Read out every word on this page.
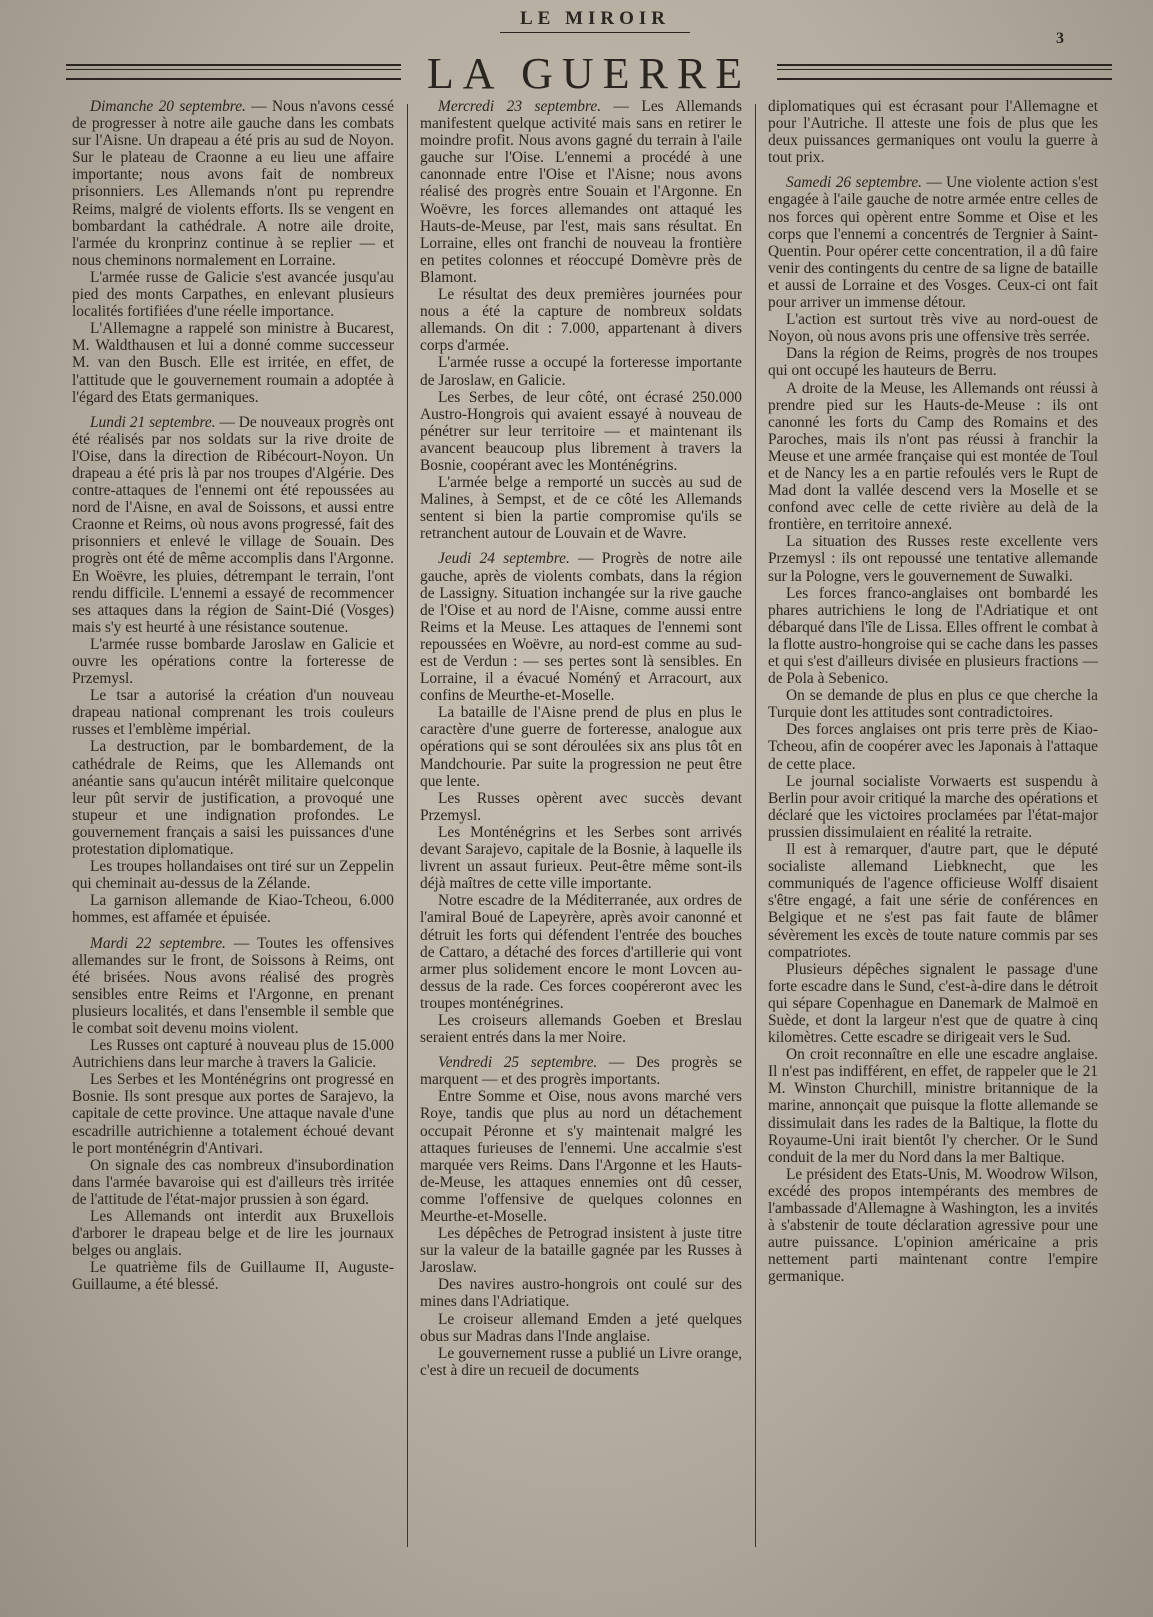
LE MIROIR
3
LA GUERRE

Dimanche 20 septembre. — Nous n'avons cessé de progresser à notre aile gauche dans les combats sur l'Aisne. Un drapeau a été pris au sud de Noyon. Sur le plateau de Craonne a eu lieu une affaire importante; nous avons fait de nombreux prisonniers. Les Allemands n'ont pu reprendre Reims, malgré de violents efforts. Ils se vengent en bombardant la cathédrale. A notre aile droite, l'armée du kronprinz continue à se replier — et nous cheminons normalement en Lorraine.

L'armée russe de Galicie s'est avancée jusqu'au pied des monts Carpathes, en enlevant plusieurs localités fortifiées d'une réelle importance.

L'Allemagne a rappelé son ministre à Bucarest, M. Waldthausen et lui a donné comme successeur M. van den Busch. Elle est irritée, en effet, de l'attitude que le gouvernement roumain a adoptée à l'égard des Etats germaniques.

Lundi 21 septembre. — De nouveaux progrès ont été réalisés par nos soldats sur la rive droite de l'Oise, dans la direction de Ribécourt-Noyon. Un drapeau a été pris là par nos troupes d'Algérie. Des contre-attaques de l'ennemi ont été repoussées au nord de l'Aisne, en aval de Soissons, et aussi entre Craonne et Reims, où nous avons progressé, fait des prisonniers et enlevé le village de Souain. Des progrès ont été de même accomplis dans l'Argonne. En Woëvre, les pluies, détrempant le terrain, l'ont rendu difficile. L'ennemi a essayé de recommencer ses attaques dans la région de Saint-Dié (Vosges) mais s'y est heurté à une résistance soutenue.

L'armée russe bombarde Jaroslaw en Galicie et ouvre les opérations contre la forteresse de Przemysl.

Le tsar a autorisé la création d'un nouveau drapeau national comprenant les trois couleurs russes et l'emblème impérial.

La destruction, par le bombardement, de la cathédrale de Reims, que les Allemands ont anéantie sans qu'aucun intérêt militaire quelconque leur pût servir de justification, a provoqué une stupeur et une indignation profondes. Le gouvernement français a saisi les puissances d'une protestation diplomatique.

Les troupes hollandaises ont tiré sur un Zeppelin qui cheminait au-dessus de la Zélande.

La garnison allemande de Kiao-Tcheou, 6.000 hommes, est affamée et épuisée.

Mardi 22 septembre. — Toutes les offensives allemandes sur le front, de Soissons à Reims, ont été brisées. Nous avons réalisé des progrès sensibles entre Reims et l'Argonne, en prenant plusieurs localités, et dans l'ensemble il semble que le combat soit devenu moins violent.

Les Russes ont capturé à nouveau plus de 15.000 Autrichiens dans leur marche à travers la Galicie.

Les Serbes et les Monténégrins ont progressé en Bosnie. Ils sont presque aux portes de Sarajevo, la capitale de cette province. Une attaque navale d'une escadrille autrichienne a totalement échoué devant le port monténégrin d'Antivari.

On signale des cas nombreux d'insubordination dans l'armée bavaroise qui est d'ailleurs très irritée de l'attitude de l'état-major prussien à son égard.

Les Allemands ont interdit aux Bruxellois d'arborer le drapeau belge et de lire les journaux belges ou anglais.

Le quatrième fils de Guillaume II, Auguste-Guillaume, a été blessé.

Mercredi 23 septembre. — Les Allemands manifestent quelque activité mais sans en retirer le moindre profit. Nous avons gagné du terrain à l'aile gauche sur l'Oise. L'ennemi a procédé à une canonnade entre l'Oise et l'Aisne; nous avons réalisé des progrès entre Souain et l'Argonne. En Woëvre, les forces allemandes ont attaqué les Hauts-de-Meuse, par l'est, mais sans résultat. En Lorraine, elles ont franchi de nouveau la frontière en petites colonnes et réoccupé Domèvre près de Blamont.

Le résultat des deux premières journées pour nous a été la capture de nombreux soldats allemands. On dit : 7.000, appartenant à divers corps d'armée.

L'armée russe a occupé la forteresse importante de Jaroslaw, en Galicie.

Les Serbes, de leur côté, ont écrasé 250.000 Austro-Hongrois qui avaient essayé à nouveau de pénétrer sur leur territoire — et maintenant ils avancent beaucoup plus librement à travers la Bosnie, coopérant avec les Monténégrins.

L'armée belge a remporté un succès au sud de Malines, à Sempst, et de ce côté les Allemands sentent si bien la partie compromise qu'ils se retranchent autour de Louvain et de Wavre.

Jeudi 24 septembre. — Progrès de notre aile gauche, après de violents combats, dans la région de Lassigny. Situation inchangée sur la rive gauche de l'Oise et au nord de l'Aisne, comme aussi entre Reims et la Meuse. Les attaques de l'ennemi sont repoussées en Woëvre, au nord-est comme au sud-est de Verdun : — ses pertes sont là sensibles. En Lorraine, il a évacué Noméný et Arracourt, aux confins de Meurthe-et-Moselle.

La bataille de l'Aisne prend de plus en plus le caractère d'une guerre de forteresse, analogue aux opérations qui se sont déroulées six ans plus tôt en Mandchourie. Par suite la progression ne peut être que lente.

Les Russes opèrent avec succès devant Przemysl.

Les Monténégrins et les Serbes sont arrivés devant Sarajevo, capitale de la Bosnie, à laquelle ils livrent un assaut furieux. Peut-être même sont-ils déjà maîtres de cette ville importante.

Notre escadre de la Méditerranée, aux ordres de l'amiral Boué de Lapeyrère, après avoir canonné et détruit les forts qui défendent l'entrée des bouches de Cattaro, a détaché des forces d'artillerie qui vont armer plus solidement encore le mont Lovcen au-dessus de la rade. Ces forces coopéreront avec les troupes monténégrines.

Les croiseurs allemands Goeben et Breslau seraient entrés dans la mer Noire.

Vendredi 25 septembre. — Des progrès se marquent — et des progrès importants.

Entre Somme et Oise, nous avons marché vers Roye, tandis que plus au nord un détachement occupait Péronne et s'y maintenait malgré les attaques furieuses de l'ennemi. Une accalmie s'est marquée vers Reims. Dans l'Argonne et les Hauts-de-Meuse, les attaques ennemies ont dû cesser, comme l'offensive de quelques colonnes en Meurthe-et-Moselle.

Les dépêches de Petrograd insistent à juste titre sur la valeur de la bataille gagnée par les Russes à Jaroslaw.

Des navires austro-hongrois ont coulé sur des mines dans l'Adriatique.

Le croiseur allemand Emden a jeté quelques obus sur Madras dans l'Inde anglaise.

Le gouvernement russe a publié un Livre orange, c'est à dire un recueil de documents

diplomatiques qui est écrasant pour l'Allemagne et pour l'Autriche. Il atteste une fois de plus que les deux puissances germaniques ont voulu la guerre à tout prix.

Samedi 26 septembre. — Une violente action s'est engagée à l'aile gauche de notre armée entre celles de nos forces qui opèrent entre Somme et Oise et les corps que l'ennemi a concentrés de Tergnier à Saint-Quentin. Pour opérer cette concentration, il a dû faire venir des contingents du centre de sa ligne de bataille et aussi de Lorraine et des Vosges. Ceux-ci ont fait pour arriver un immense détour.

L'action est surtout très vive au nord-ouest de Noyon, où nous avons pris une offensive très serrée.

Dans la région de Reims, progrès de nos troupes qui ont occupé les hauteurs de Berru.

A droite de la Meuse, les Allemands ont réussi à prendre pied sur les Hauts-de-Meuse : ils ont canonné les forts du Camp des Romains et des Paroches, mais ils n'ont pas réussi à franchir la Meuse et une armée française qui est montée de Toul et de Nancy les a en partie refoulés vers le Rupt de Mad dont la vallée descend vers la Moselle et se confond avec celle de cette rivière au delà de la frontière, en territoire annexé.

La situation des Russes reste excellente vers Przemysl : ils ont repoussé une tentative allemande sur la Pologne, vers le gouvernement de Suwalki.

Les forces franco-anglaises ont bombardé les phares autrichiens le long de l'Adriatique et ont débarqué dans l'île de Lissa. Elles offrent le combat à la flotte austro-hongroise qui se cache dans les passes et qui s'est d'ailleurs divisée en plusieurs fractions — de Pola à Sebenico.

On se demande de plus en plus ce que cherche la Turquie dont les attitudes sont contradictoires.

Des forces anglaises ont pris terre près de Kiao-Tcheou, afin de coopérer avec les Japonais à l'attaque de cette place.

Le journal socialiste Vorwaerts est suspendu à Berlin pour avoir critiqué la marche des opérations et déclaré que les victoires proclamées par l'état-major prussien dissimulaient en réalité la retraite.

Il est à remarquer, d'autre part, que le député socialiste allemand Liebknecht, que les communiqués de l'agence officieuse Wolff disaient s'être engagé, a fait une série de conférences en Belgique et ne s'est pas fait faute de blâmer sévèrement les excès de toute nature commis par ses compatriotes.

Plusieurs dépêches signalent le passage d'une forte escadre dans le Sund, c'est-à-dire dans le détroit qui sépare Copenhague en Danemark de Malmoë en Suède, et dont la largeur n'est que de quatre à cinq kilomètres. Cette escadre se dirigeait vers le Sud.

On croit reconnaître en elle une escadre anglaise. Il n'est pas indifférent, en effet, de rappeler que le 21 M. Winston Churchill, ministre britannique de la marine, annonçait que puisque la flotte allemande se dissimulait dans les rades de la Baltique, la flotte du Royaume-Uni irait bientôt l'y chercher. Or le Sund conduit de la mer du Nord dans la mer Baltique.

Le président des Etats-Unis, M. Woodrow Wilson, excédé des propos intempérants des membres de l'ambassade d'Allemagne à Washington, les a invités à s'abstenir de toute déclaration agressive pour une autre puissance. L'opinion américaine a pris nettement parti maintenant contre l'empire germanique.
